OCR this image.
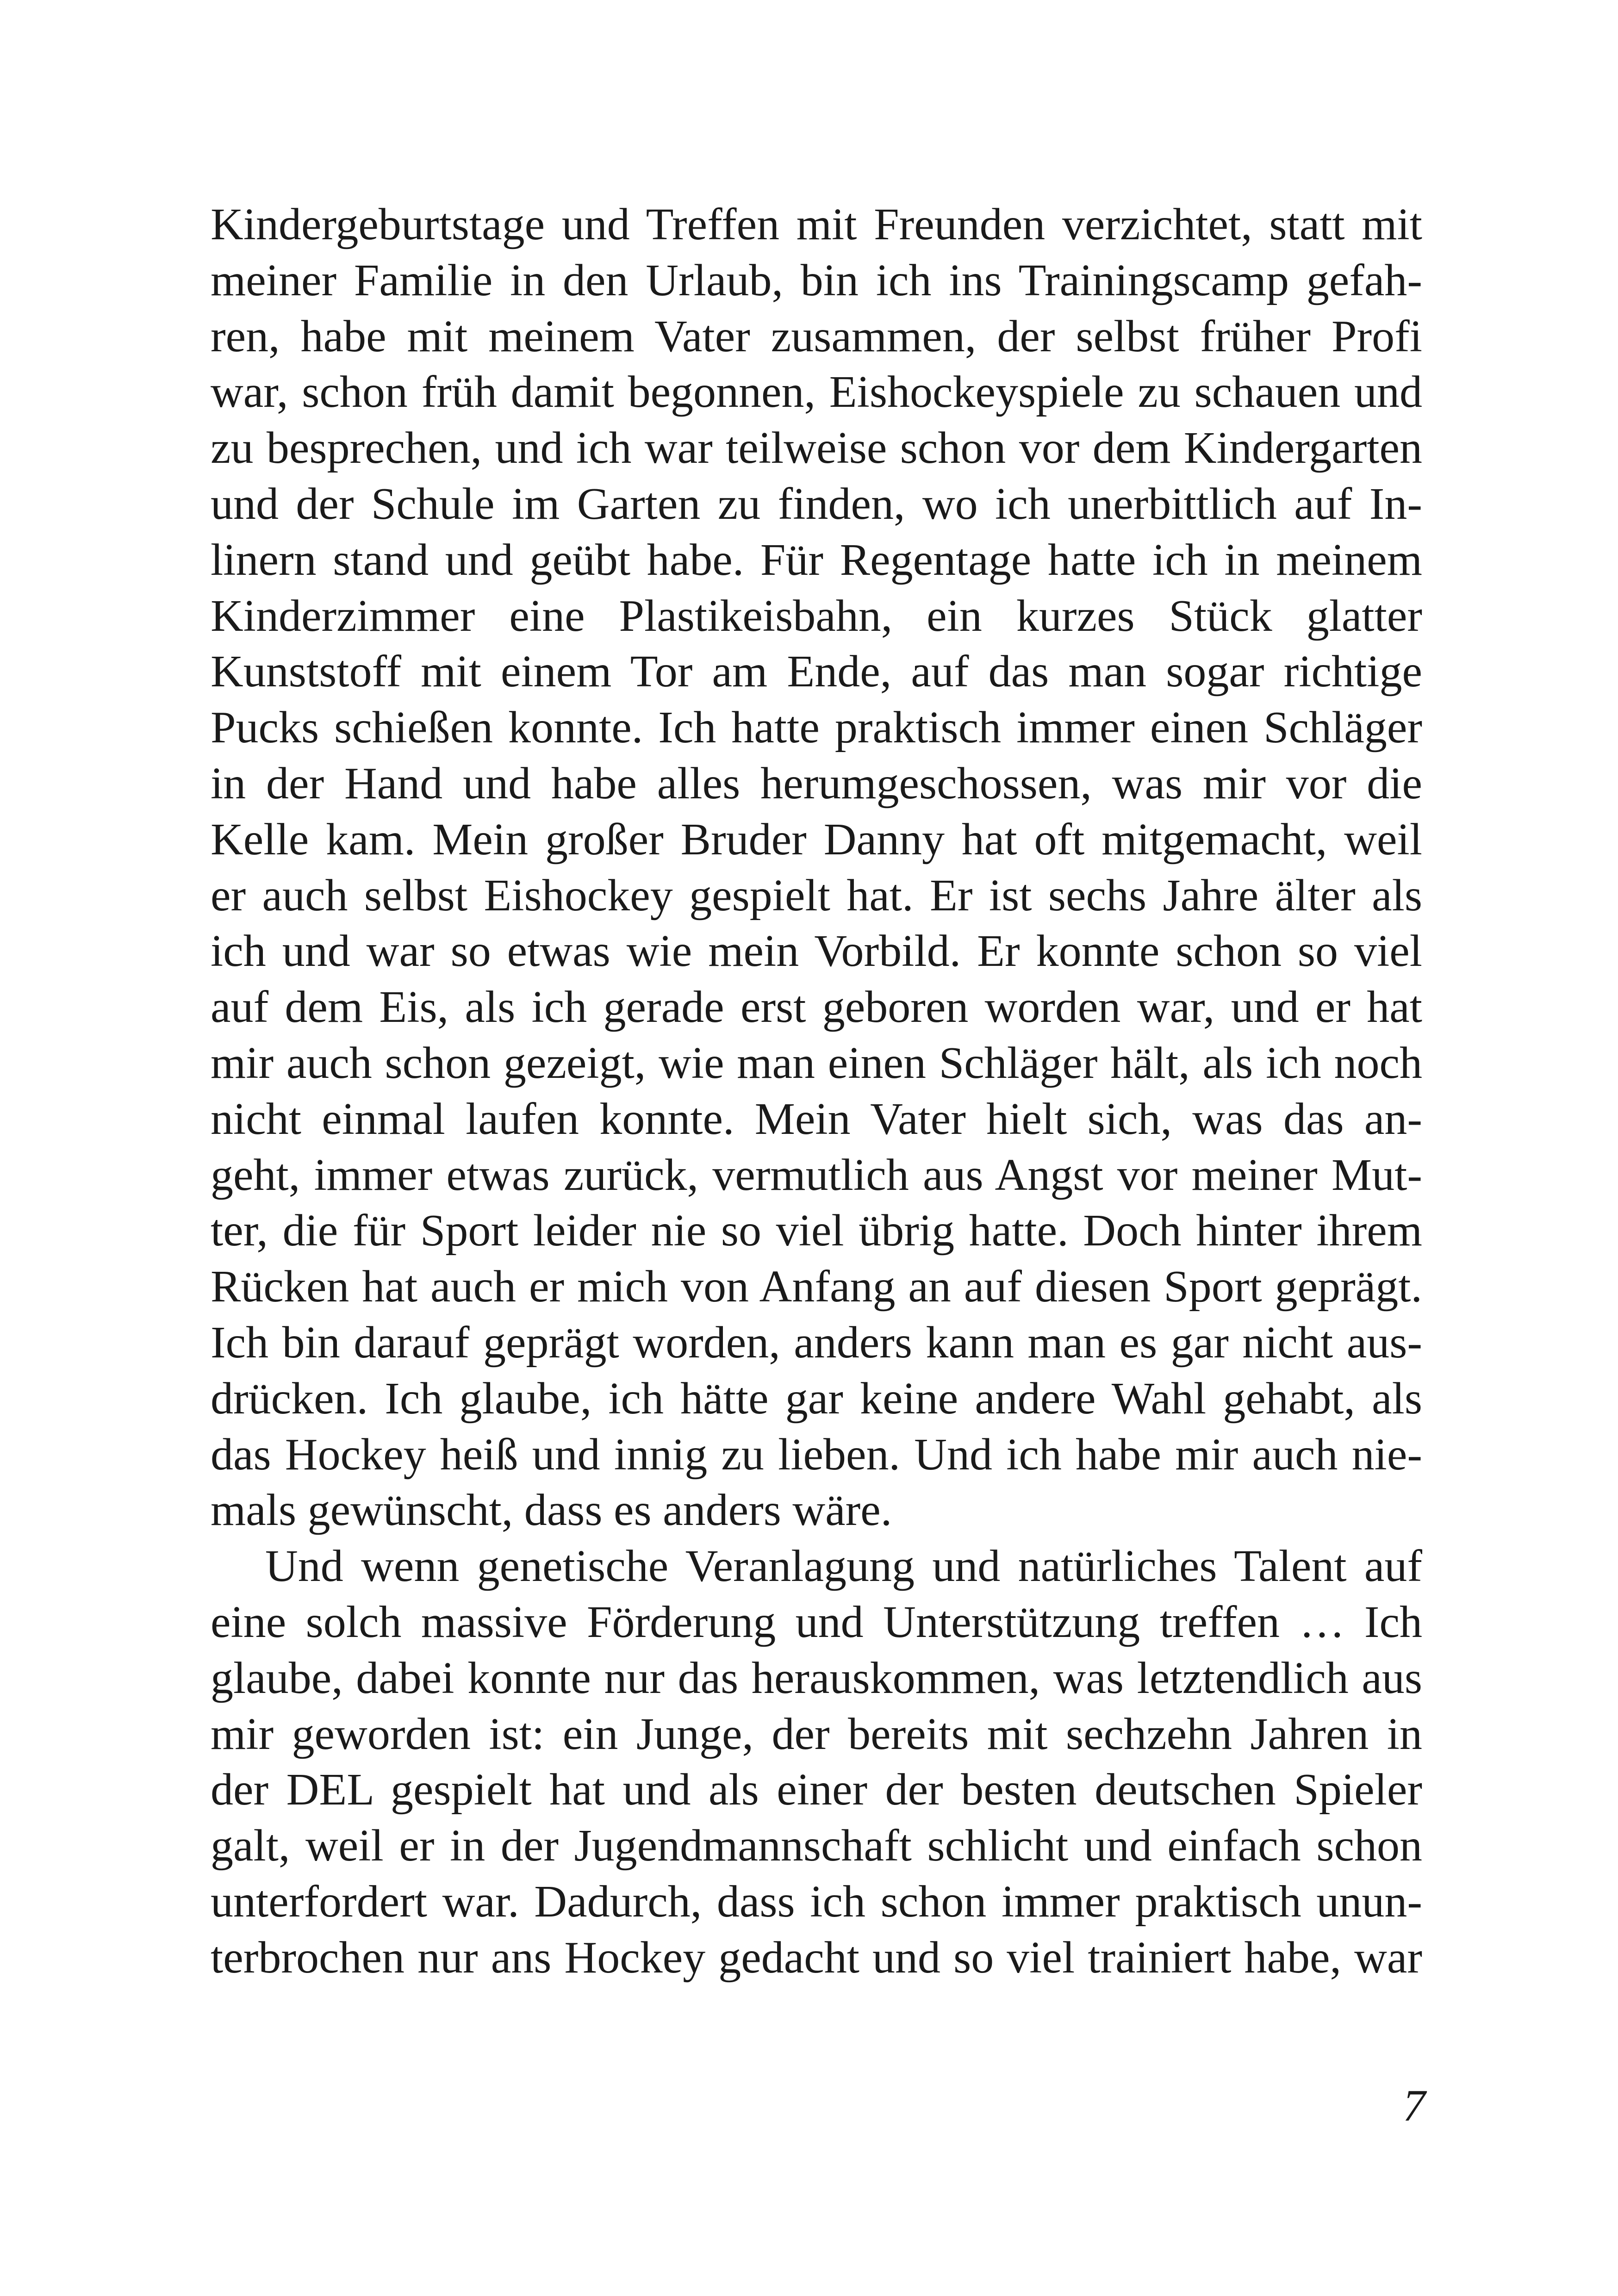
Kindergeburtstage und Treffen mit Freunden verzichtet, statt mit
meiner Familie in den Urlaub, bin ich ins Trainingscamp gefah-
ren, habe mit meinem Vater zusammen, der selbst früher Profi
war, schon früh damit begonnen, Eishockeyspiele zu schauen und
zu besprechen, und ich war teilweise schon vor dem Kindergarten
und der Schule im Garten zu finden, wo ich unerbittlich auf In-
linern stand und geübt habe. Für Regentage hatte ich in meinem
Kinderzimmer eine Plastikeisbahn, ein kurzes Stück glatter
Kunststoff mit einem Tor am Ende, auf das man sogar richtige
Pucks schießen konnte. Ich hatte praktisch immer einen Schläger
in der Hand und habe alles herumgeschossen, was mir vor die
Kelle kam. Mein großer Bruder Danny hat oft mitgemacht, weil
er auch selbst Eishockey gespielt hat. Er ist sechs Jahre älter als
ich und war so etwas wie mein Vorbild. Er konnte schon so viel
auf dem Eis, als ich gerade erst geboren worden war, und er hat
mir auch schon gezeigt, wie man einen Schläger hält, als ich noch
nicht einmal laufen konnte. Mein Vater hielt sich, was das an-
geht, immer etwas zurück, vermutlich aus Angst vor meiner Mut-
ter, die für Sport leider nie so viel übrig hatte. Doch hinter ihrem
Rücken hat auch er mich von Anfang an auf diesen Sport geprägt.
Ich bin darauf geprägt worden, anders kann man es gar nicht aus-
drücken. Ich glaube, ich hätte gar keine andere Wahl gehabt, als
das Hockey heiß und innig zu lieben. Und ich habe mir auch nie-
mals gewünscht, dass es anders wäre.
Und wenn genetische Veranlagung und natürliches Talent auf
eine solch massive Förderung und Unterstützung treffen … Ich
glaube, dabei konnte nur das herauskommen, was letztendlich aus
mir geworden ist: ein Junge, der bereits mit sechzehn Jahren in
der DEL gespielt hat und als einer der besten deutschen Spieler
galt, weil er in der Jugendmannschaft schlicht und einfach schon
unterfordert war. Dadurch, dass ich schon immer praktisch unun-
terbrochen nur ans Hockey gedacht und so viel trainiert habe, war
7
